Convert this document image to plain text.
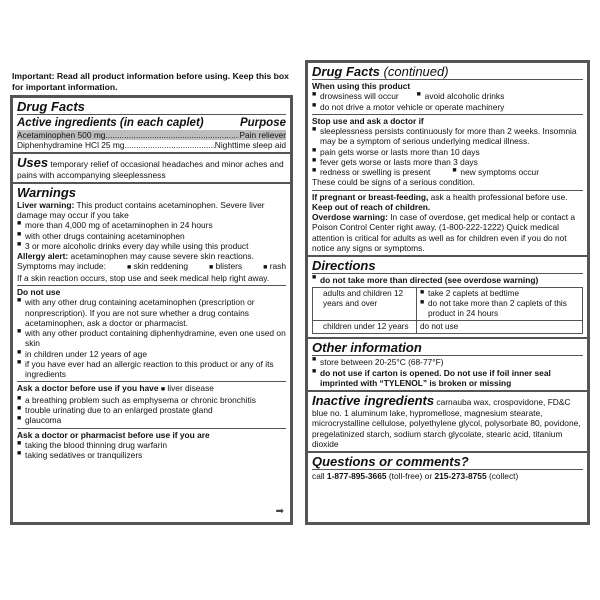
Important: Read all product information before using. Keep this box for important information.
Drug Facts
Active ingredients (in each caplet)	Purpose
Acetaminophen 500 mg .....	Pain reliever
Diphenhydramine HCl 25 mg .....	Nighttime sleep aid
Uses temporary relief of occasional headaches and minor aches and pains with accompanying sleeplessness
Warnings
Liver warning: This product contains acetaminophen. Severe liver damage may occur if you take
■ more than 4,000 mg of acetaminophen in 24 hours
■ with other drugs containing acetaminophen
■ 3 or more alcoholic drinks every day while using this product
Allergy alert: acetaminophen may cause severe skin reactions.
Symptoms may include:	■ skin reddening	■ blisters	■ rash
If a skin reaction occurs, stop use and seek medical help right away.
Do not use
■ with any other drug containing acetaminophen (prescription or nonprescription). If you are not sure whether a drug contains acetaminophen, ask a doctor or pharmacist.
■ with any other product containing diphenhydramine, even one used on skin
■ in children under 12 years of age
■ if you have ever had an allergic reaction to this product or any of its ingredients
Ask a doctor before use if you have ■ liver disease
■ a breathing problem such as emphysema or chronic bronchitis
■ trouble urinating due to an enlarged prostate gland
■ glaucoma
Ask a doctor or pharmacist before use if you are
■ taking the blood thinning drug warfarin
■ taking sedatives or tranquilizers
➡
Drug Facts (continued)
When using this product
■ drowsiness will occur	■ avoid alcoholic drinks
■ do not drive a motor vehicle or operate machinery
Stop use and ask a doctor if
■ sleeplessness persists continuously for more than 2 weeks. Insomnia may be a symptom of serious underlying medical illness.
■ pain gets worse or lasts more than 10 days
■ fever gets worse or lasts more than 3 days
■ redness or swelling is present	■ new symptoms occur
These could be signs of a serious condition.
If pregnant or breast-feeding, ask a health professional before use.
Keep out of reach of children.
Overdose warning: In case of overdose, get medical help or contact a Poison Control Center right away. (1-800-222-1222) Quick medical attention is critical for adults as well as for children even if you do not notice any signs or symptoms.
Directions
■ do not take more than directed (see overdose warning)
adults and children 12 years and over	■ take 2 caplets at bedtime
■ do not take more than 2 caplets of this product in 24 hours

children under 12 years	do not use
Other information
■ store between 20-25°C (68-77°F)
■ do not use if carton is opened. Do not use if foil inner seal imprinted with “TYLENOL” is broken or missing
Inactive ingredients carnauba wax, crospovidone, FD&C blue no. 1 aluminum lake, hypromellose, magnesium stearate, microcrystalline cellulose, polyethylene glycol, polysorbate 80, povidone, pregelatinized starch, sodium starch glycolate, stearic acid, titanium dioxide
Questions or comments?
call 1-877-895-3665 (toll-free) or 215-273-8755 (collect)
